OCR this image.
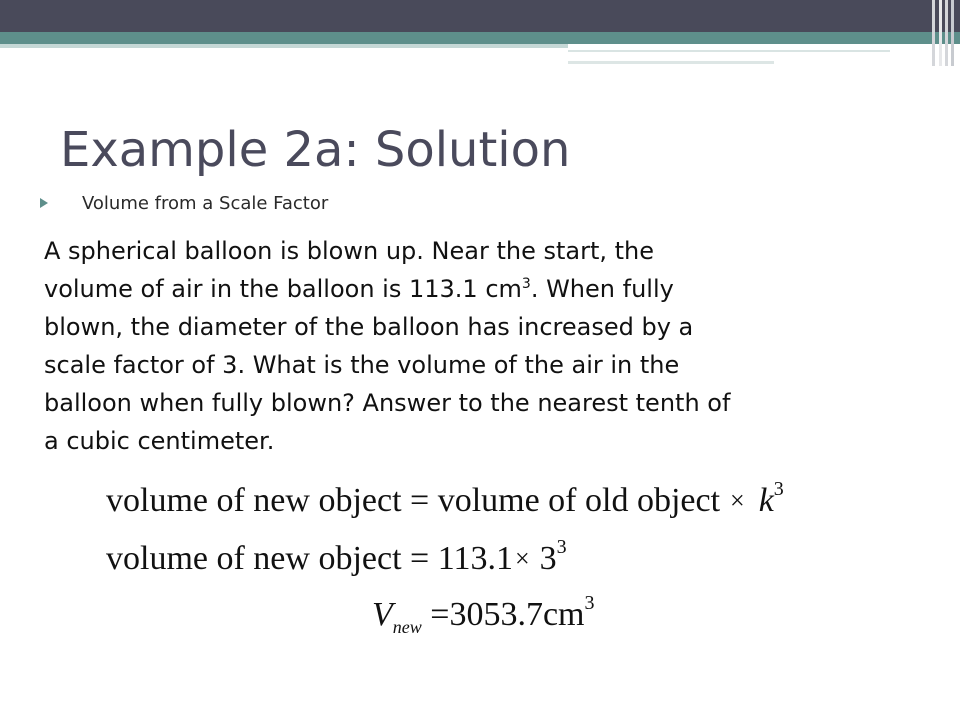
Example 2a: Solution
Volume from a Scale Factor
A spherical balloon is blown up. Near the start, the
volume of air in the balloon is 113.1 $cm^3$. When fully
blown, the diameter of the balloon has increased by a
scale factor of 3. What is the volume of the air in the
balloon when fully blown? Answer to the nearest tenth of
a cubic centimeter.
volume of new object = volume of old object × $k^3$
volume of new object = $113.1\times 3^3$
$V_{new} =3053.7cm^3$
